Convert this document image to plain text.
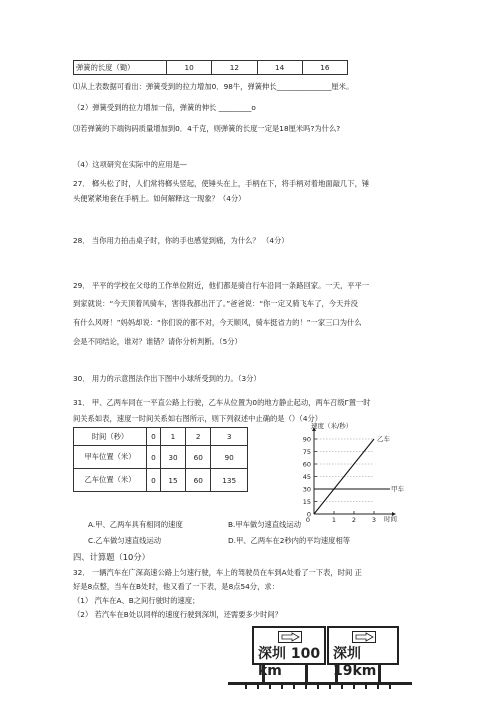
弹簧的长度（锄）	10	12	14	16
⑴从上表数据可看出：弹簧受到的拉力增加0．98牛，弹簧伸长_______________厘米。
（2）弹簧受到的拉力增加一倍，弹簧的伸长 _________o
⑶若弹簧的下端钩码质量增加到0．4千克，则弹簧的长度一定是18厘米吗?为什么?
（4）这项研究在实际中的应用是—
27． 榔头松了时，人们常将榔头竖起，使锤头在上，手柄在下，将手柄对着地面敲几下，锤
头便紧紧地套在手柄上。如何解释这一现象？（4分）
28． 当你用力拍击桌子时，你的手也感觉到痛，为什么？ （4分）
29． 平平的学校在父母的工作单位附近，他们都是骑自行车沿同一条路回家。一天，平平一
到家就说：“今天顶着风骑车，害得我都出汗了。”爸爸说：“你一定又骑飞车了，今天并没
有什么风呀！”妈妈却说：“你们说的都不对，今天顺风，骑车挺省力的！”一家三口为什么
会是不同结论，谁对？谁错？请你分析判断。（5分）
30． 用力的示意图法作出下图中小球所受到的力。（3分）
31． 甲、乙两车同在一平直公路上行驶，乙车从位置为0的地方静止起动，两车召级Γ置一时
间关系如表，速度一时间关系如右图所示，则下列叙述中止确的是（）（4分）
时间（秒）	0	1	2	3
甲车位置（米）	0	30	60	90
乙车位置（米）	0	15	60	135
90
75
60
45
30
15
0
0	1 2 3
速度（米/秒）
时间
乙车
甲车
A.甲、乙两车具有相同的速度	B.甲车做匀速直线运动
C.乙车做匀速直线运动	D.甲、乙两车在2秒内的平均速度相等
四、计算题（10分）
32． 一辆汽车在广深高速公路上匀速行驶，车上的驾驶员在车到A处看了一下表，时间 正
好是8点整，当车在B处时，他又看了一下表，是8点54分，求：
（1） 汽车在A、B之间行驶时的速度；
（2） 若汽车在B处以同样的速度行驶到深圳，还需要多少时间？
深圳 100 km
深圳 19km
